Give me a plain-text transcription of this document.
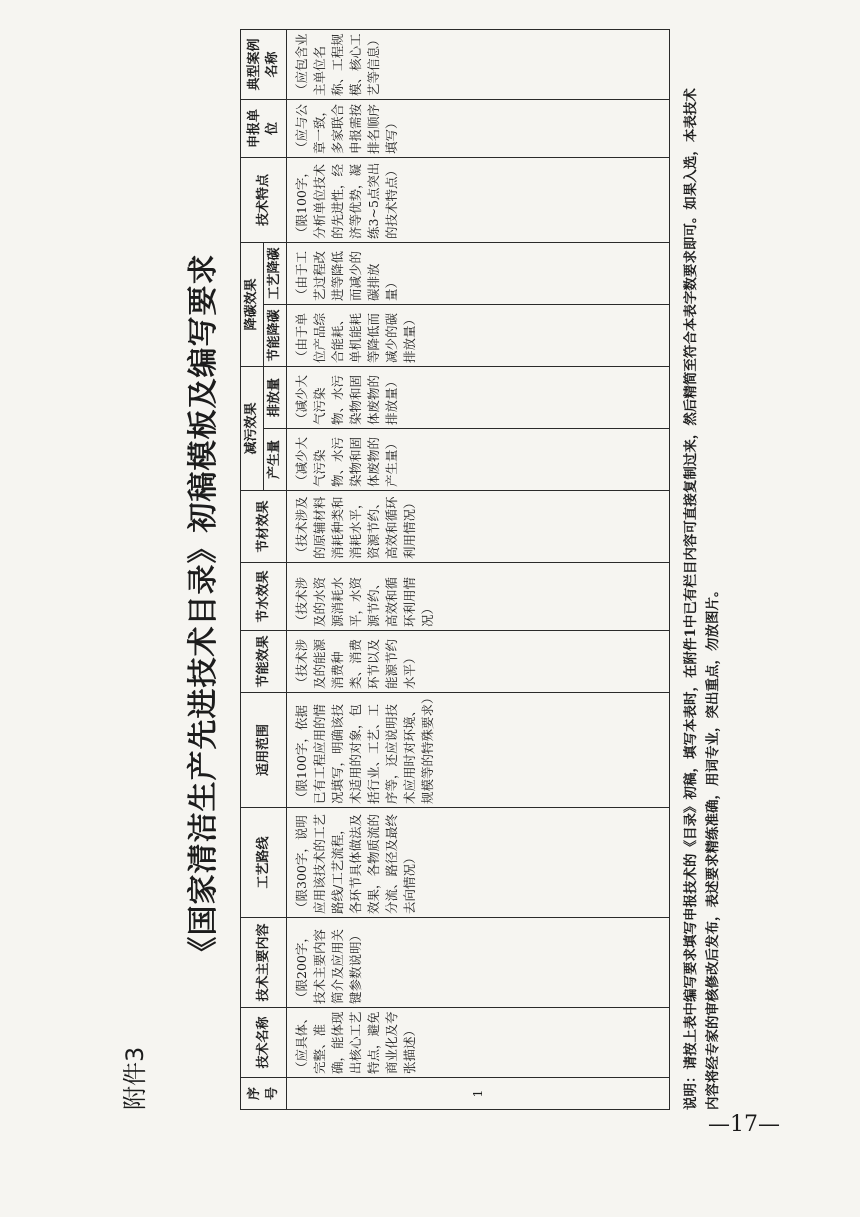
附件3
《国家清洁生产先进技术目录》初稿模板及编写要求
序号	技术名称	技术主要内容	工艺路线	适用范围	节能效果	节水效果	节材效果	减污效果		降碳效果		技术特点	申报单位	典型案例名称
								产生量	排放量	节能降碳	工艺降碳			
1	（应具体、完整、准确，能体现出核心工艺特点，避免商业化及夸张描述）	（限200字，技术主要内容简介及应用关键参数说明）	（限300字，说明应用该技术的工艺路线/工艺流程，各环节具体做法及效果，各物质流的分流、路径及最终去向情况）	（限100字，依据已有工程应用的情况填写，明确该技术适用的对象，包括行业、工艺、工序等，还应说明技术应用时对环境、规模等的特殊要求）	（技术涉及的能源消费种类、消费环节以及能源节约水平）	（技术涉及的水资源消耗水平，水资源节约、高效和循环利用情况）	（技术涉及的原辅材料消耗种类和消耗水平，资源节约、高效和循环利用情况）	（减少大气污染物、水污染物和固体废物的产生量）	（减少大气污染物、水污染物和固体废物的排放量）	（由于单位产品综合能耗、单机能耗等降低而减少的碳排放量）	（由于工艺过程改进等降低而减少的碳排放量）	（限100字，分析单位技术的先进性，经济等优势，凝练3~5点突出的技术特点）	（应与公章一致，多家联合申报需按排名顺序填写）	（应包含业主单位名称、工程规模、核心工艺等信息）
说明：请按上表中编写要求填写申报技术的《目录》初稿，填写本表时，在附件1中已有栏目内容可直接复制过来，然后精简至符合本表字数要求即可。如果入选，本表技术内容将经专家的审核修改后发布，表述要求精练准确，用词专业，突出重点，勿放图片。
—17—
